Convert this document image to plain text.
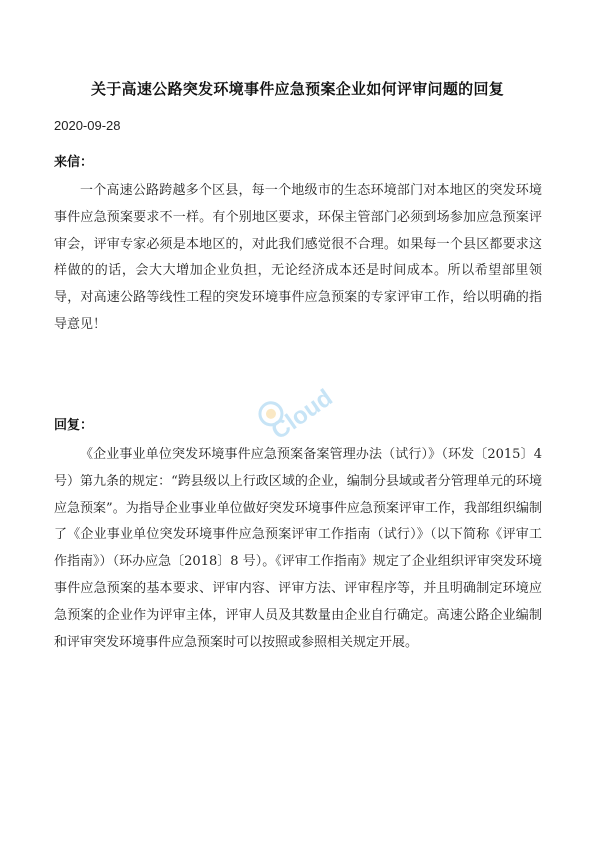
关于高速公路突发环境事件应急预案企业如何评审问题的回复
2020-09-28
来信：

一个高速公路跨越多个区县，每一个地级市的生态环境部门对本地区的突发环境事件应急预案要求不一样。有个别地区要求，环保主管部门必须到场参加应急预案评审会，评审专家必须是本地区的，对此我们感觉很不合理。如果每一个县区都要求这样做的的话，会大大增加企业负担，无论经济成本还是时间成本。所以希望部里领导，对高速公路等线性工程的突发环境事件应急预案的专家评审工作，给以明确的指导意见！

回复：

《企业事业单位突发环境事件应急预案备案管理办法（试行）》（环发〔2015〕4 号）第九条的规定：“跨县级以上行政区域的企业，编制分县域或者分管理单元的环境应急预案”。为指导企业事业单位做好突发环境事件应急预案评审工作，我部组织编制了《企业事业单位突发环境事件应急预案评审工作指南（试行）》（以下简称《评审工作指南》）（环办应急〔2018〕8 号）。《评审工作指南》规定了企业组织评审突发环境事件应急预案的基本要求、评审内容、评审方法、评审程序等，并且明确制定环境应急预案的企业作为评审主体，评审人员及其数量由企业自行确定。高速公路企业编制和评审突发环境事件应急预案时可以按照或参照相关规定开展。

Cloud
